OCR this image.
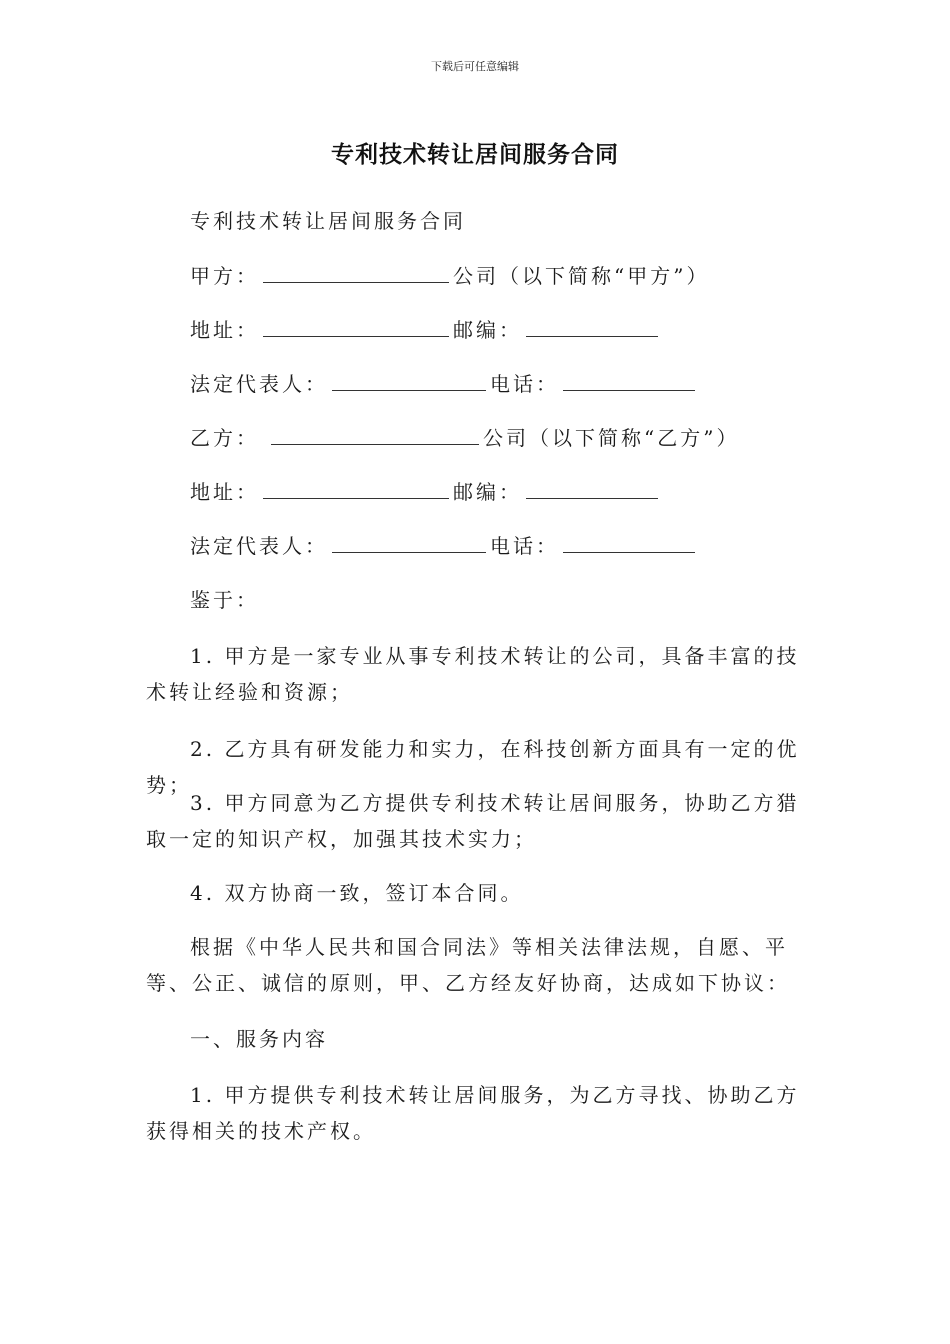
下载后可任意编辑
专利技术转让居间服务合同
专利技术转让居间服务合同
甲方：	公司（以下简称“甲方”）
地址：	邮编：
法定代表人：	电话：
乙方：	公司（以下简称“乙方”）
地址：	邮编：
法定代表人：	电话：
鉴于：
1. 甲方是一家专业从事专利技术转让的公司，具备丰富的技术转让经验和资源；
2. 乙方具有研发能力和实力，在科技创新方面具有一定的优势；
3. 甲方同意为乙方提供专利技术转让居间服务，协助乙方猎取一定的知识产权，加强其技术实力；
4. 双方协商一致，签订本合同。
根据《中华人民共和国合同法》等相关法律法规，自愿、平等、公正、诚信的原则，甲、乙方经友好协商，达成如下协议：
一、服务内容
1. 甲方提供专利技术转让居间服务，为乙方寻找、协助乙方获得相关的技术产权。
